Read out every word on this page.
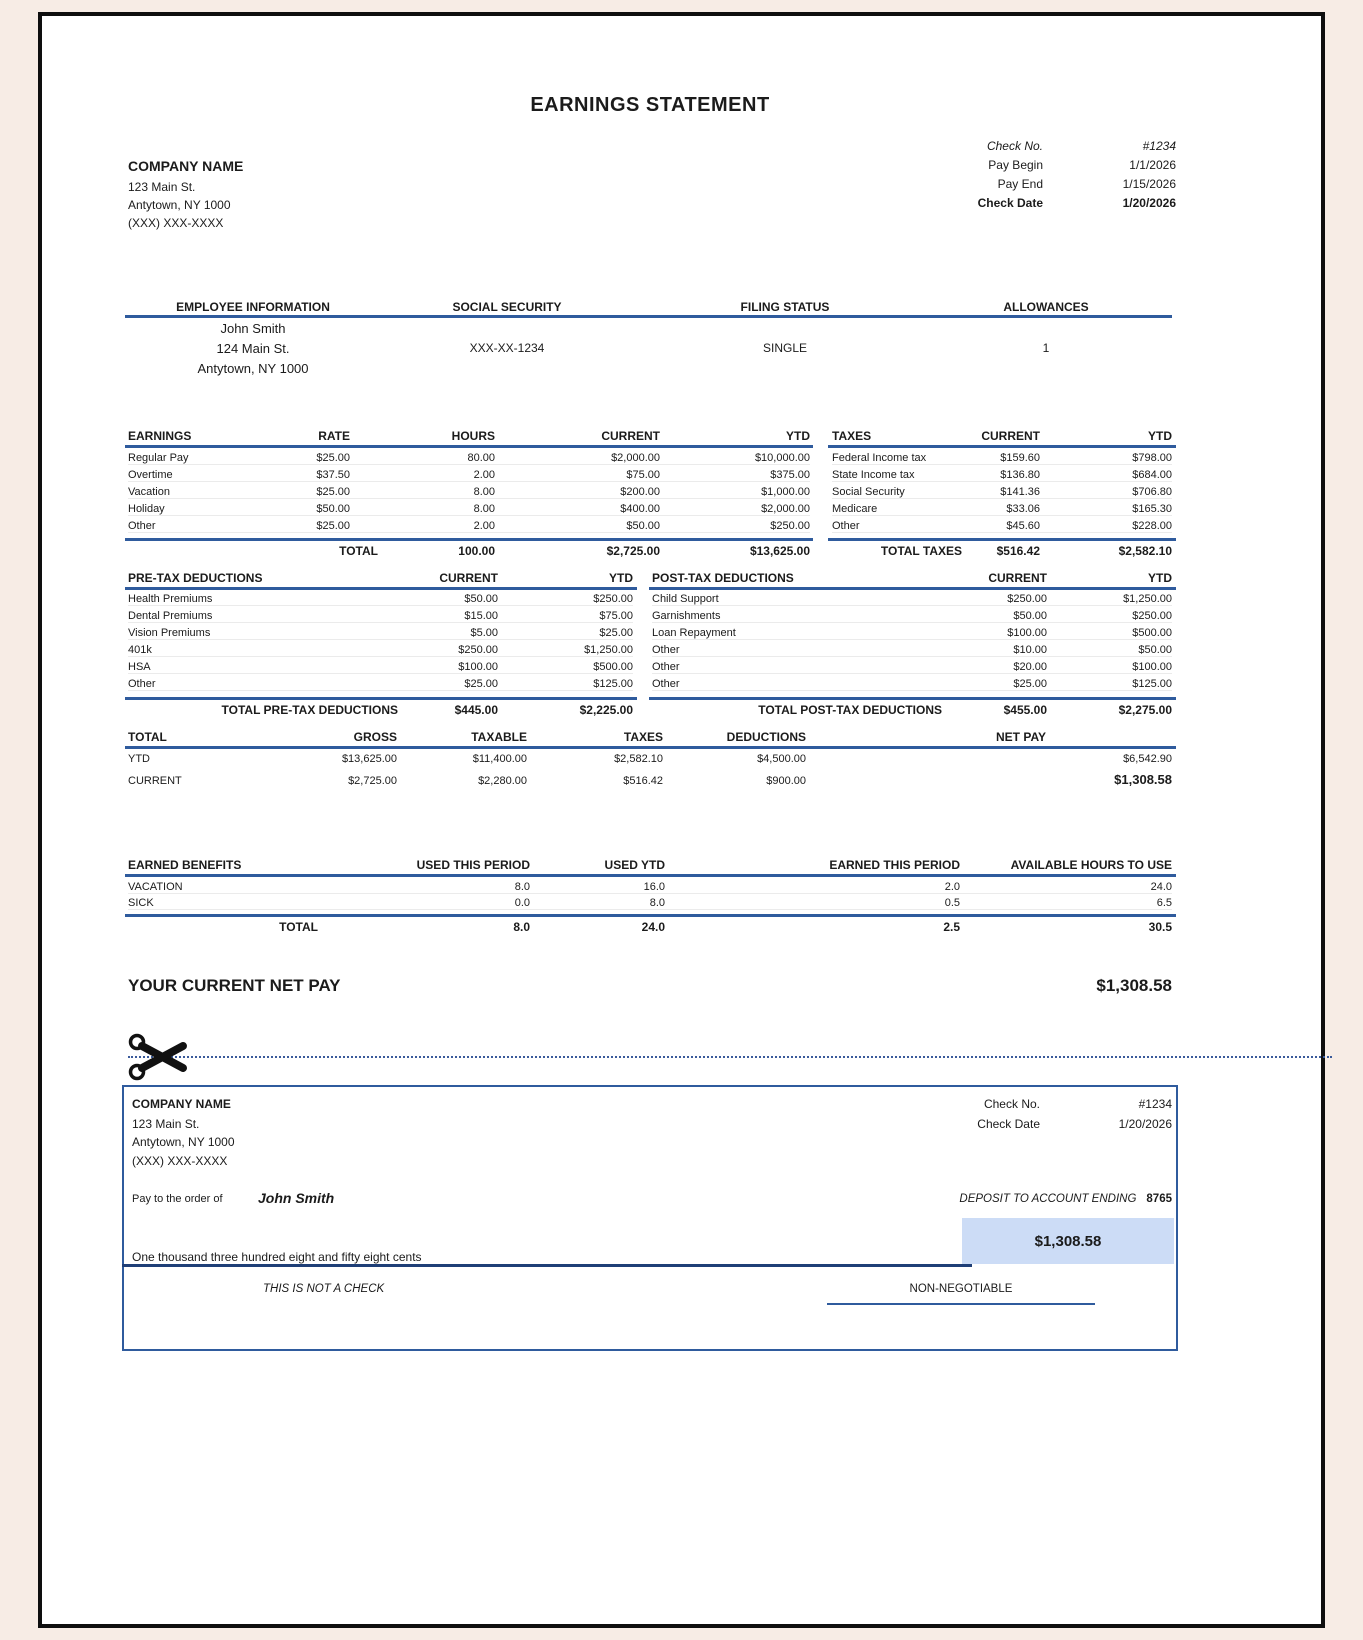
EARNINGS STATEMENT
Check No.	#1234
Pay Begin	1/1/2026
Pay End	1/15/2026
Check Date	1/20/2026
COMPANY NAME
123 Main St.
Antytown, NY 1000
(XXX) XXX-XXXX
EMPLOYEE INFORMATION	SOCIAL SECURITY	FILING STATUS	ALLOWANCES
John Smith
124 Main St.
Antytown, NY 1000
XXX-XX-1234	SINGLE	1
EARNINGS	RATE	HOURS	CURRENT	YTD
Regular Pay	$25.00	80.00	$2,000.00	$10,000.00
Overtime	$37.50	2.00	$75.00	$375.00
Vacation	$25.00	8.00	$200.00	$1,000.00
Holiday	$50.00	8.00	$400.00	$2,000.00
Other	$25.00	2.00	$50.00	$250.00
TOTAL	100.00	$2,725.00	$13,625.00
TAXES	CURRENT	YTD
Federal Income tax	$159.60	$798.00
State Income tax	$136.80	$684.00
Social Security	$141.36	$706.80
Medicare	$33.06	$165.30
Other	$45.60	$228.00
TOTAL TAXES	$516.42	$2,582.10
PRE-TAX DEDUCTIONS	CURRENT	YTD
Health Premiums	$50.00	$250.00
Dental Premiums	$15.00	$75.00
Vision Premiums	$5.00	$25.00
401k	$250.00	$1,250.00
HSA	$100.00	$500.00
Other	$25.00	$125.00
TOTAL PRE-TAX DEDUCTIONS	$445.00	$2,225.00
POST-TAX DEDUCTIONS	CURRENT	YTD
Child Support	$250.00	$1,250.00
Garnishments	$50.00	$250.00
Loan Repayment	$100.00	$500.00
Other	$10.00	$50.00
Other	$20.00	$100.00
Other	$25.00	$125.00
TOTAL POST-TAX DEDUCTIONS	$455.00	$2,275.00
TOTAL	GROSS	TAXABLE	TAXES	DEDUCTIONS	NET PAY
YTD	$13,625.00	$11,400.00	$2,582.10	$4,500.00	$6,542.90
CURRENT	$2,725.00	$2,280.00	$516.42	$900.00	$1,308.58
EARNED BENEFITS	USED THIS PERIOD	USED YTD	EARNED THIS PERIOD	AVAILABLE HOURS TO USE
VACATION	8.0	16.0	2.0	24.0
SICK	0.0	8.0	0.5	6.5
TOTAL	8.0	24.0	2.5	30.5
YOUR CURRENT NET PAY	$1,308.58
COMPANY NAME
123 Main St.
Antytown, NY 1000
(XXX) XXX-XXXX
Check No.	#1234
Check Date	1/20/2026
Pay to the order of	John Smith	DEPOSIT TO ACCOUNT ENDING 8765
$1,308.58
One thousand three hundred eight and fifty eight cents
THIS IS NOT A CHECK	NON-NEGOTIABLE
